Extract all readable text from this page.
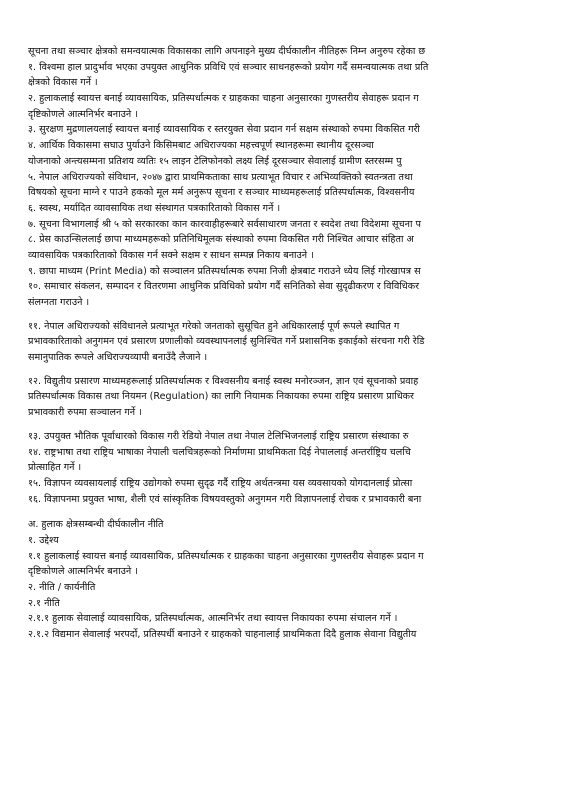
सूचना तथा सञ्चार क्षेत्रको समन्वयात्मक विकासका लागि अपनाइने मुख्य दीर्घकालीन नीतिहरू निम्न अनुरुप रहेका छ
१. विश्वमा हाल प्रादुर्भाव भएका उपयुक्त आधुनिक प्रविधि एवं सञ्चार साधनहरूको प्रयोग गर्दै समन्वयात्मक तथा प्रति
क्षेत्रको विकास गर्ने ।
२. हुलाकलाई स्वायत्त बनाई व्यावसायिक, प्रतिस्पर्धात्मक र ग्राहकका चाहना अनुसारका गुणस्तरीय सेवाहरू प्रदान ग
दृष्टिकोणले आत्मनिर्भर बनाउने ।
३. सुरक्षण मुद्रणालयलाई स्वायत्त बनाई व्यावसायिक र स्तरयुक्त सेवा प्रदान गर्न सक्षम संस्थाको रुपमा विकसित गरी
४. आर्थिक विकासमा सघाउ पुर्याउने किसिमबाट अधिराज्यका महत्त्वपूर्ण स्थानहरूमा स्थानीय दूरसञ्चा
योजनाको अन्त्यसम्मना प्रतिशय व्यतिः १५ लाइन टेलिफोनको लक्ष्य लिई दूरसञ्चार सेवालाई ग्रामीण स्तरसम्म पु
५. नेपाल अधिराज्यको संविधान, २०४७ द्वारा प्राथमिकताका साथ प्रत्याभूत विचार र अभिव्यक्तिको स्वतन्त्रता तथा
विषयको सूचना माग्ने र पाउने हकको मूल मर्म अनुरूप सूचना र सञ्चार माध्यमहरूलाई प्रतिस्पर्धात्मक, विश्वसनीय
६. स्वस्थ, मर्यादित व्यावसायिक तथा संस्थागत पत्रकारिताको विकास गर्ने ।
७. सूचना विभागलाई श्री ५ को सरकारका कान कारवाहीहरूबारे सर्वसाधारण जनता र स्वदेश तथा विदेशमा सूचना प
८. प्रेस काउन्सिललाई छापा माध्यमहरूको प्रतिनिधिमूलक संस्थाको रुपमा विकसित गरी निश्चित आचार संहिता अ
व्यावसायिक पत्रकारिताको विकास गर्न सक्ने सक्षम र साधन सम्पन्न निकाय बनाउने ।
९. छापा माध्यम (Print Media) को सञ्चालन प्रतिस्पर्धात्मक रुपमा निजी क्षेत्रबाट गराउने ध्येय लिई गोरखापत्र स
१०. समाचार संकलन, सम्पादन र वितरणमा आधुनिक प्रविधिको प्रयोग गर्दै सनितिको सेवा सुदृढीकरण र विविधिकर
संलग्नता गराउने ।
११. नेपाल अधिराज्यको संविधानले प्रत्याभूत गरेको जनताको सुसूचित हुने अधिकारलाई पूर्ण रूपले स्थापित ग
प्रभावकारिताको अनुगमन एवं प्रसारण प्रणालीको व्यवस्थापनलाई सुनिश्चित गर्ने प्रशासनिक इकाईको संरचना गरी रेडि
समानुपातिक रूपले अधिराज्यव्यापी बनाउँदै लैजाने ।
१२. विद्युतीय प्रसारण माध्यमहरूलाई प्रतिस्पर्धात्मक र विश्वसनीय बनाई स्वस्थ मनोरञ्जन, ज्ञान एवं सूचनाको प्रवाह
प्रतिस्पर्धात्मक विकास तथा नियमन (Regulation) का लागि नियामक निकायका रुपमा राष्ट्रिय प्रसारण प्राधिकर
प्रभावकारी रुपमा सञ्चालन गर्ने ।
१३. उपयुक्त भौतिक पूर्वाधारको विकास गरी रेडियो नेपाल तथा नेपाल टेलिभिजनलाई राष्ट्रिय प्रसारण संस्थाका रु
१४. राष्ट्रभाषा तथा राष्ट्रिय भाषाका नेपाली चलचित्रहरूको निर्माणमा प्राथमिकता दिई नेपाललाई अन्तर्राष्ट्रिय चलचि
प्रोत्साहित गर्ने ।
१५. विज्ञापन व्यवसायलाई राष्ट्रिय उद्योगको रुपमा सुदृढ गर्दै राष्ट्रिय अर्थतन्त्रमा यस व्यवसायको योगदानलाई प्रोत्सा
१६. विज्ञापनमा प्रयुक्त भाषा, शैली एवं सांस्कृतिक विषयवस्तुको अनुगमन गरी विज्ञापनलाई रोचक र प्रभावकारी बना
अ. हुलाक क्षेत्रसम्बन्धी दीर्घकालीन नीति
१. उद्देश्य
१.१ हुलाकलाई स्वायत्त बनाई व्यावसायिक, प्रतिस्पर्धात्मक र ग्राहकका चाहना अनुसारका गुणस्तरीय सेवाहरू प्रदान ग
दृष्टिकोणले आत्मनिर्भर बनाउने ।
२. नीति / कार्यनीति
२.१ नीति
२.१.१ हुलाक सेवालाई व्यावसायिक, प्रतिस्पर्धात्मक, आत्मनिर्भर तथा स्वायत्त निकायका रुपमा संचालन गर्ने ।
२.१.२ विद्यमान सेवालाई भरपर्दो, प्रतिस्पर्धी बनाउने र ग्राहकको चाहनालाई प्राथमिकता दिदै हुलाक सेवाना विद्युतीय
